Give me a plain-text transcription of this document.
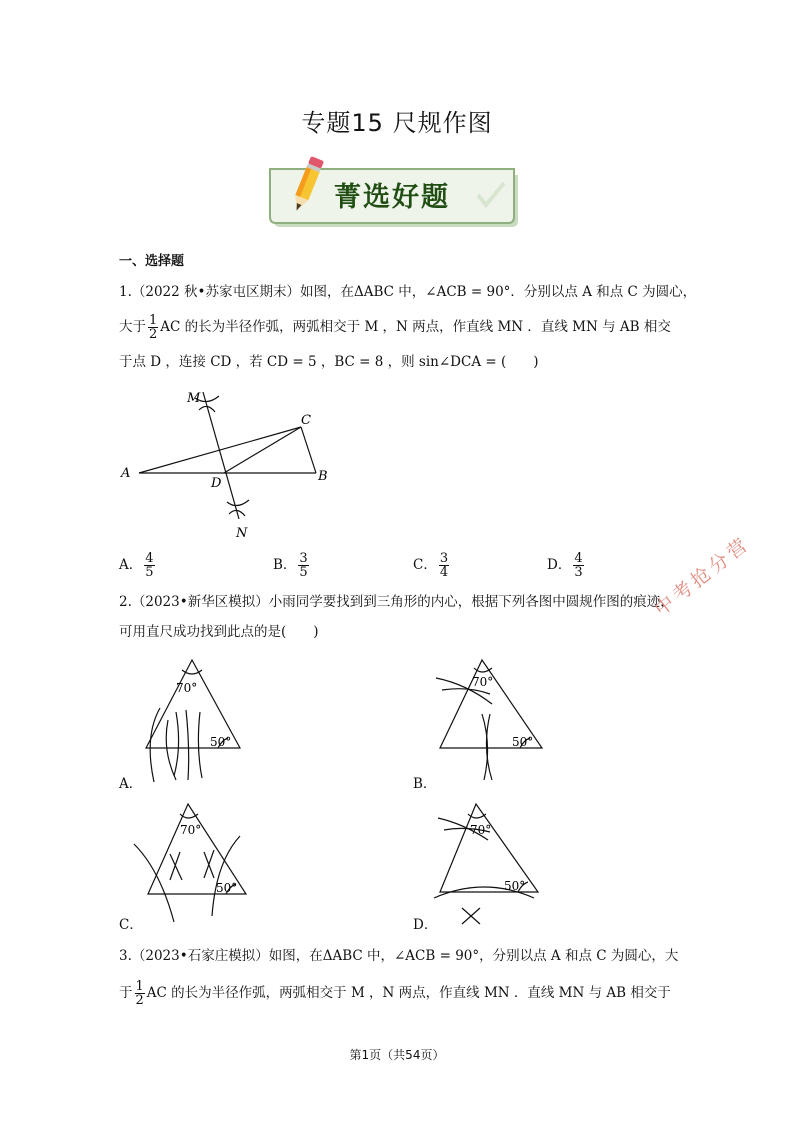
专题15 尺规作图
菁选好题
一、选择题
1.（2022 秋•苏家屯区期末）如图，在ΔABC 中，∠ACB = 90°．分别以点 A 和点 C 为圆心，
大于 $\frac{1}{2}$ AC 的长为半径作弧，两弧相交于 M ，N 两点，作直线 MN ．直线 MN 与 AB 相交
于点 D ，连接 CD ，若 CD = 5 ，BC = 8 ，则 sin∠DCA = (　　)
M
C
A
D	B
N
A． $\frac{4}{5}$	B． $\frac{3}{5}$	C． $\frac{3}{4}$	D． $\frac{4}{3}$
2.（2023•新华区模拟）小雨同学要找到到三角形的内心，根据下列各图中圆规作图的痕迹，
可用直尺成功找到此点的是(　　)
70°
50°
A．
70°
50°
B．
70°
50°
C．
70°
50°
D．
3.（2023•石家庄模拟）如图，在ΔABC 中，∠ACB = 90°，分别以点 A 和点 C 为圆心，大
于 $\frac{1}{2}$ AC 的长为半径作弧，两弧相交于 M ，N 两点，作直线 MN ．直线 MN 与 AB 相交于
中考抢分营
第1页（共54页）
